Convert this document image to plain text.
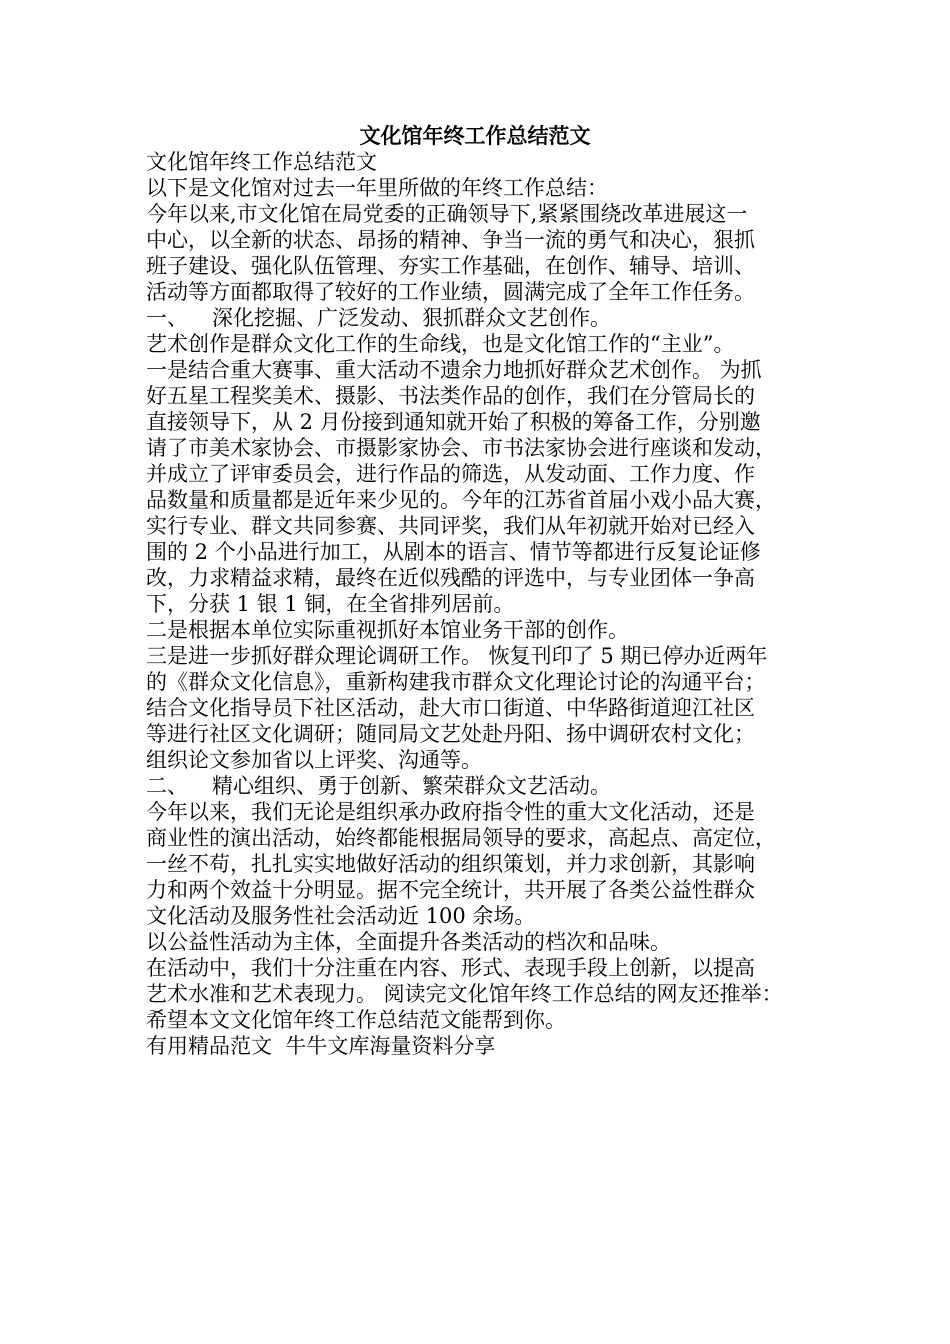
文化馆年终工作总结范文

文化馆年终工作总结范文

以下是文化馆对过去一年里所做的年终工作总结：

今年以来,市文化馆在局党委的正确领导下,紧紧围绕改革进展这一

中心，以全新的状态、昂扬的精神、争当一流的勇气和决心，狠抓

班子建设、强化队伍管理、夯实工作基础，在创作、辅导、培训、

活动等方面都取得了较好的工作业绩，圆满完成了全年工作任务。

一、 深化挖掘、广泛发动、狠抓群众文艺创作。

艺术创作是群众文化工作的生命线，也是文化馆工作的“主业”。

一是结合重大赛事、重大活动不遗余力地抓好群众艺术创作。 为抓

好五星工程奖美术、摄影、书法类作品的创作，我们在分管局长的

直接领导下，从 2 月份接到通知就开始了积极的筹备工作，分别邀

请了市美术家协会、市摄影家协会、市书法家协会进行座谈和发动，

并成立了评审委员会，进行作品的筛选，从发动面、工作力度、作

品数量和质量都是近年来少见的。今年的江苏省首届小戏小品大赛，

实行专业、群文共同参赛、共同评奖，我们从年初就开始对已经入

围的 2 个小品进行加工，从剧本的语言、情节等都进行反复论证修

改，力求精益求精，最终在近似残酷的评选中，与专业团体一争高

下，分获 1 银 1 铜，在全省排列居前。

二是根据本单位实际重视抓好本馆业务干部的创作。

三是进一步抓好群众理论调研工作。 恢复刊印了 5 期已停办近两年

的《群众文化信息》，重新构建我市群众文化理论讨论的沟通平台；

结合文化指导员下社区活动，赴大市口街道、中华路街道迎江社区

等进行社区文化调研；随同局文艺处赴丹阳、扬中调研农村文化；

组织论文参加省以上评奖、沟通等。

二、 精心组织、勇于创新、繁荣群众文艺活动。

今年以来，我们无论是组织承办政府指令性的重大文化活动，还是

商业性的演出活动，始终都能根据局领导的要求，高起点、高定位，

一丝不苟，扎扎实实地做好活动的组织策划，并力求创新，其影响

力和两个效益十分明显。据不完全统计，共开展了各类公益性群众

文化活动及服务性社会活动近 100 余场。

以公益性活动为主体，全面提升各类活动的档次和品味。

在活动中，我们十分注重在内容、形式、表现手段上创新，以提高

艺术水准和艺术表现力。 阅读完文化馆年终工作总结的网友还推举：

希望本文文化馆年终工作总结范文能帮到你。

有用精品范文  牛牛文库海量资料分享
